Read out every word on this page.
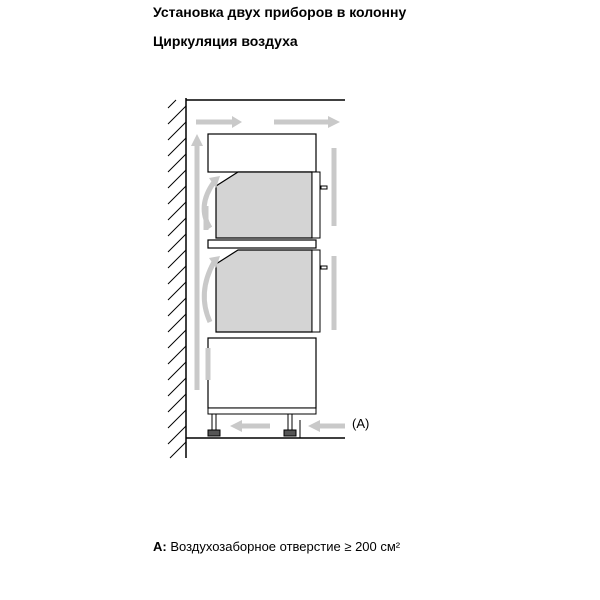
Установка двух приборов в колонну
Циркуляция воздуха
(A)
A: Воздухозаборное отверстие ≥ 200 см²
